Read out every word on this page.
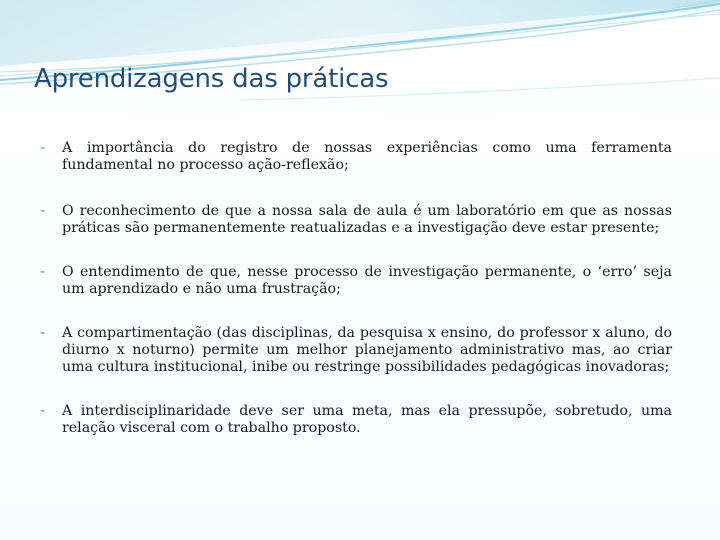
Aprendizagens das práticas

- A importância do registro de nossas experiências como uma ferramenta fundamental no processo ação-reflexão;

- O reconhecimento de que a nossa sala de aula é um laboratório em que as nossas práticas são permanentemente reatualizadas e a investigação deve estar presente;

- O entendimento de que, nesse processo de investigação permanente, o ‘erro’ seja um aprendizado e não uma frustração;

- A compartimentação (das disciplinas, da pesquisa x ensino, do professor x aluno, do diurno x noturno) permite um melhor planejamento administrativo mas, ao criar uma cultura institucional, inibe ou restringe possibilidades pedagógicas inovadoras;

- A interdisciplinaridade deve ser uma meta, mas ela pressupõe, sobretudo, uma relação visceral com o trabalho proposto.
